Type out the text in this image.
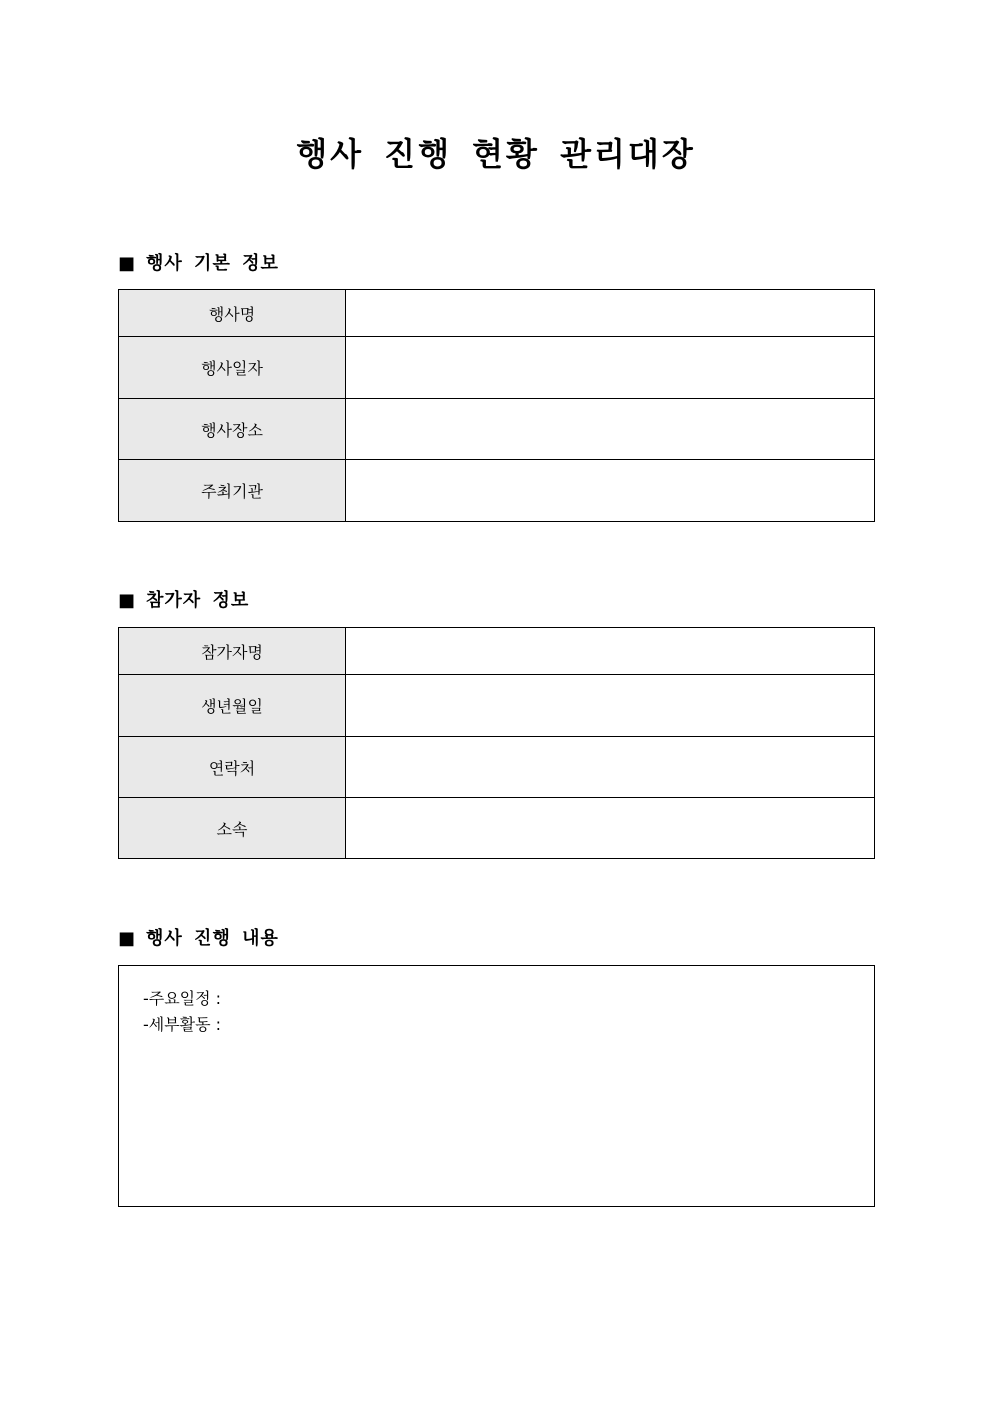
행사 진행 현황 관리대장
■ 행사 기본 정보
행사명	
행사일자	
행사장소	
주최기관	
■ 참가자 정보
참가자명	
생년월일	
연락처	
소속	
■ 행사 진행 내용
-주요일정 :
-세부활동 :
